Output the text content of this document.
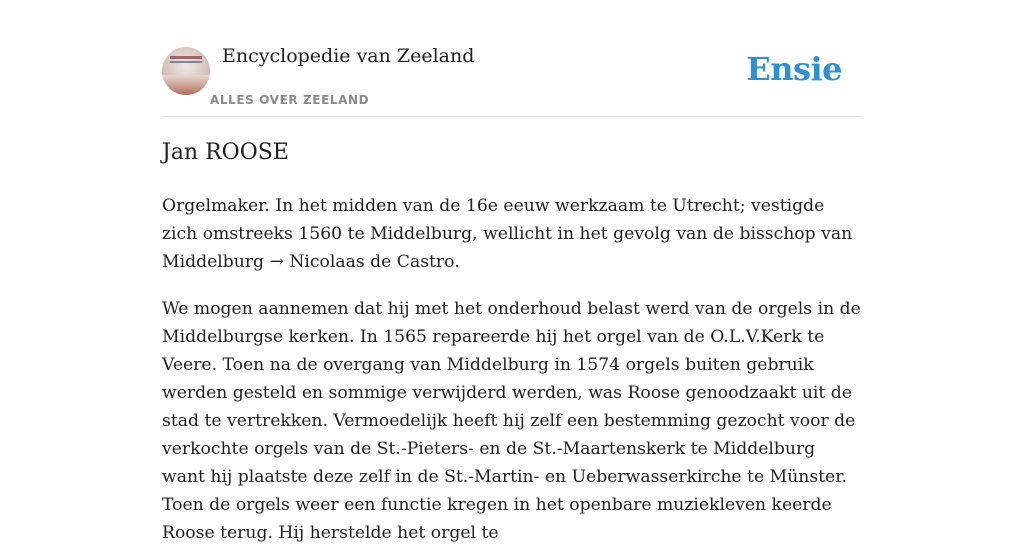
Encyclopedie van Zeeland
ALLES OVER ZEELAND
Ensie
Jan ROOSE

Orgelmaker. In het midden van de 16e eeuw werkzaam te Utrecht; vestigde zich omstreeks 1560 te Middelburg, wellicht in het gevolg van de bisschop van Middelburg → Nicolaas de Castro.

We mogen aannemen dat hij met het onderhoud belast werd van de orgels in de Middelburgse kerken. In 1565 repareerde hij het orgel van de O.L.V.Kerk te Veere. Toen na de overgang van Middelburg in 1574 orgels buiten gebruik werden gesteld en sommige verwijderd werden, was Roose genoodzaakt uit de stad te vertrekken. Vermoedelijk heeft hij zelf een bestemming gezocht voor de verkochte orgels van de St.-Pieters- en de St.-Maartenskerk te Middelburg want hij plaatste deze zelf in de St.-Martin- en Ueberwasserkirche te Münster. Toen de orgels weer een functie kregen in het openbare muziekleven keerde Roose terug. Hij herstelde het orgel te
